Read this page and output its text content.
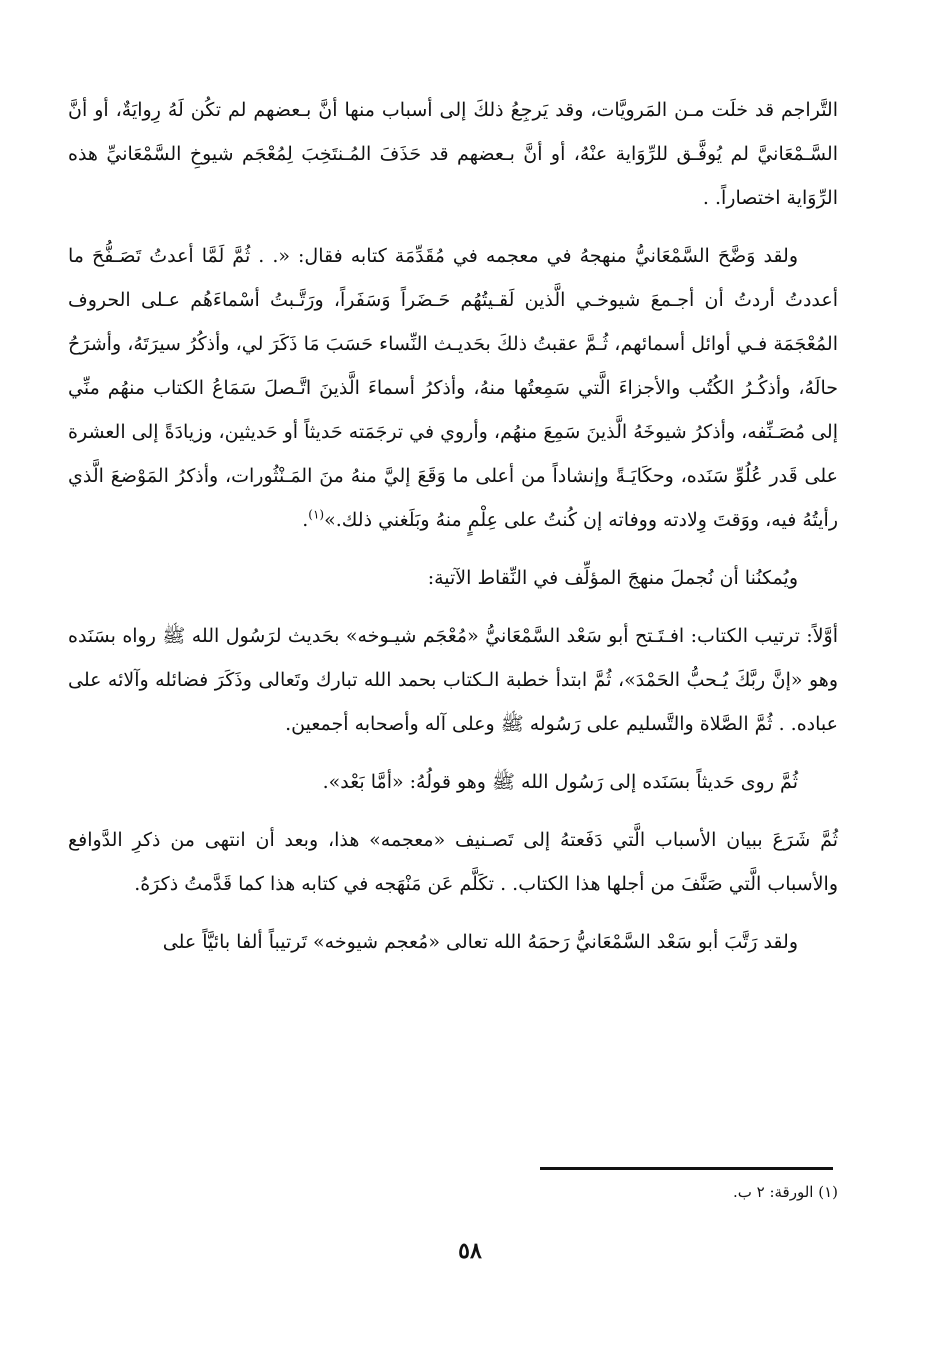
التَّراجم قد خلَت مـن المَرويَّات، وقد يَرجِعُ ذلكَ إلى أسباب منها أنَّ بـعضهم لم تكُن لَهُ رِوايَةٌ، أو أنَّ السَّـمْعَانيَّ لم يُوفَّـق للرِّوَاية عنْهُ، أو أنَّ بـعضهم قد حَذَفَ المُـنتَخِبَ لِمُعْجَم شيوخِ السَّمْعَانيِّ هذه الرِّوَاية اختصاراً. .

ولقد وَضَّحَ السَّمْعَانيُّ منهجهُ في معجمه في مُقَدِّمَة كتابه فقال: «. . ثُمَّ لَمَّا أعدتُ تَصَـفُّحَ ما أعددتُ أردتُ أن أجـمعَ شيوخـي الَّذين لَقـيتُهُم حَـضَراً وَسَفَراً، ورَتَّـبتُ أسْماءَهُم عـلى الحروف المُعْجَمَة فـي أوائل أسمائهم، ثُـمَّ عقبتُ ذلكَ بحَديـث النِّساء حَسَبَ مَا ذَكَرَ لي، وأذكُرُ سيرَتَهُ، وأشرَحُ حالَهُ، وأذكُـرُ الكُتُب والأجزاءَ الَّتي سَمِعتُها منهُ، وأذكرُ أسماءَ الَّذينَ اتَّـصلَ سَمَاعُ الكتاب منهُم منِّي إلى مُصَـنِّفه، وأذكرُ شيوخَهُ الَّذينَ سَمِعَ منهُم، وأروي في ترجَمَته حَديثاً أو حَديثين، وزيادَةً إلى العشرة على قَدر عُلُوِّ سَنَده، وحكَايَـةً وإنشاداً من أعلى ما وَقَعَ إليَّ منهُ منَ المَـنْثُورات، وأذكرُ المَوْضعَ الَّذي رأيتُهُ فيه، ووَقتَ وِلادته ووفاته إن كُنتُ على عِلْمٍ منهُ وبَلَغني ذلك.»$^{(١)}$.

ويُمكنُنا أن نُجملَ منهجَ المؤلِّف في النِّقاط الآتية:

أوَّلاً: ترتيب الكتاب: افـتَـتح أبو سَعْد السَّمْعَانيُّ «مُعْجَم شيـوخه» بحَديث لرَسُول الله ﷺ رواه بسَنَده وهو «إنَّ ربَّكَ يُـحبُّ الحَمْدَ»، ثُمَّ ابتدأ خطبة الـكتاب بحمد الله تبارك وتَعالى وذَكَرَ فضائله وآلائه على عباده. . ثُمَّ الصَّلاة والتَّسليم على رَسُوله ﷺ وعلى آله وأصحابه أجمعين.

ثُمَّ روى حَديثاً بسَنَده إلى رَسُول الله ﷺ وهو قولُهُ: «أمَّا بَعْد».

ثُمَّ شَرَعَ ببيان الأسباب الَّتي دَفَعتهُ إلى تَصـنيف «معجمه» هذا، وبعد أن انتهى من ذكرِ الدَّوافع والأسباب الَّتي صَنَّفَ من أجلها هذا الكتاب. . تكَلَّم عَن مَنْهَجه في كتابه هذا كما قَدَّمتُ ذكرَهُ.

ولقد رَتَّبَ أبو سَعْد السَّمْعَانيُّ رَحمَهُ الله تعالى «مُعجم شيوخه» تَرتيباً ألفا بائيَّاً على

(١) الورقة: ٢ ب.
٥٨
